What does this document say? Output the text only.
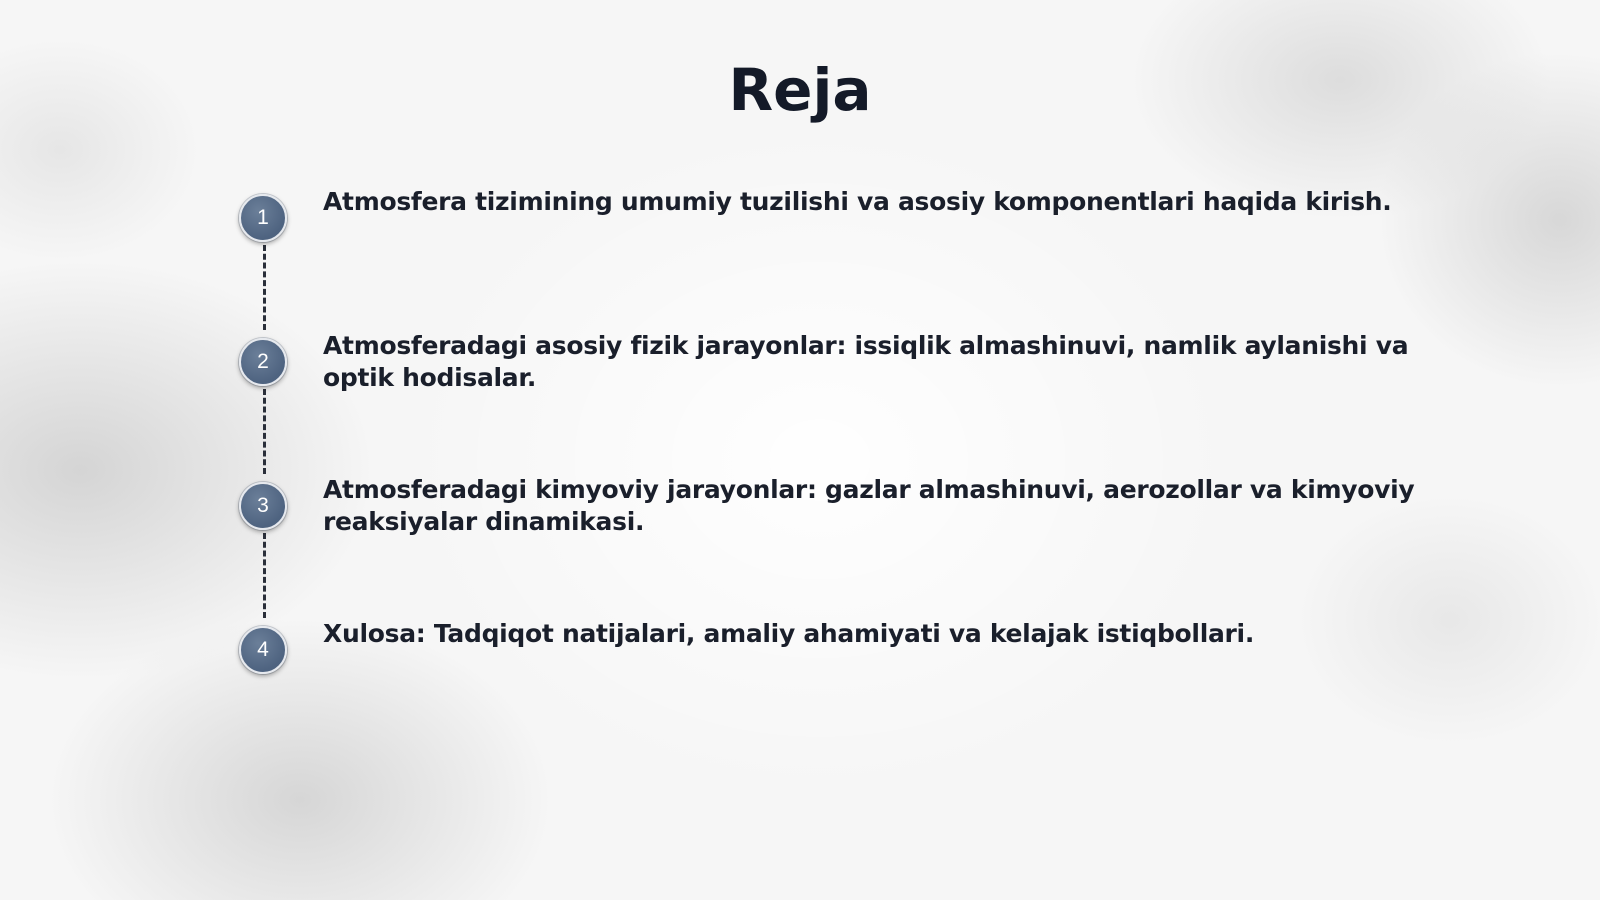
Reja
1
Atmosfera tizimining umumiy tuzilishi va asosiy komponentlari haqida kirish.
2
Atmosferadagi asosiy fizik jarayonlar: issiqlik almashinuvi, namlik aylanishi va optik hodisalar.
3
Atmosferadagi kimyoviy jarayonlar: gazlar almashinuvi, aerozollar va kimyoviy reaksiyalar dinamikasi.
4
Xulosa: Tadqiqot natijalari, amaliy ahamiyati va kelajak istiqbollari.
